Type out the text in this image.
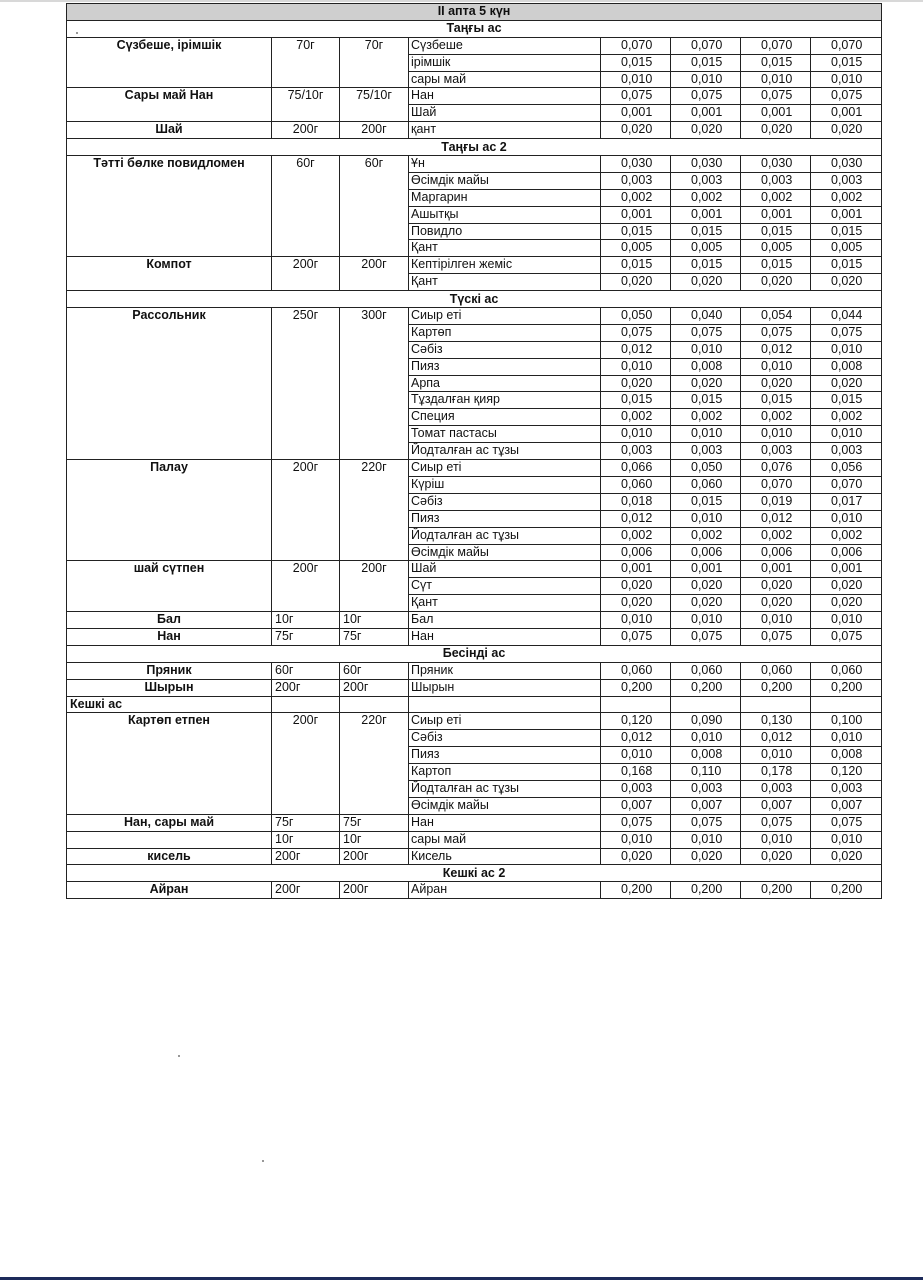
II апта 5 күн							
Таңғы ас							
Сүзбеше, ірімшік	70г	70г	Сүзбеше	0,070	0,070	0,070	0,070
			ірімшік	0,015	0,015	0,015	0,015
			сары май	0,010	0,010	0,010	0,010
Сары май Нан	75/10г	75/10г	Нан	0,075	0,075	0,075	0,075
			Шай	0,001	0,001	0,001	0,001
Шай	200г	200г	қант	0,020	0,020	0,020	0,020
Таңғы ас 2							
Тәтті бөлке повидломен	60г	60г	Ұн	0,030	0,030	0,030	0,030
			Өсімдік майы	0,003	0,003	0,003	0,003
			Маргарин	0,002	0,002	0,002	0,002
			Ашытқы	0,001	0,001	0,001	0,001
			Повидло	0,015	0,015	0,015	0,015
			Қант	0,005	0,005	0,005	0,005
Компот	200г	200г	Кептірілген жеміс	0,015	0,015	0,015	0,015
			Қант	0,020	0,020	0,020	0,020
Түскі ас							
Рассольник	250г	300г	Сиыр еті	0,050	0,040	0,054	0,044
			Картөп	0,075	0,075	0,075	0,075
			Сәбіз	0,012	0,010	0,012	0,010
			Пияз	0,010	0,008	0,010	0,008
			Арпа	0,020	0,020	0,020	0,020
			Тұздалған қияр	0,015	0,015	0,015	0,015
			Специя	0,002	0,002	0,002	0,002
			Томат пастасы	0,010	0,010	0,010	0,010
			Йодталған ас тұзы	0,003	0,003	0,003	0,003
Палау	200г	220г	Сиыр еті	0,066	0,050	0,076	0,056
			Күріш	0,060	0,060	0,070	0,070
			Сәбіз	0,018	0,015	0,019	0,017
			Пияз	0,012	0,010	0,012	0,010
			Йодталған ас тұзы	0,002	0,002	0,002	0,002
			Өсімдік майы	0,006	0,006	0,006	0,006
шай сүтпен	200г	200г	Шай	0,001	0,001	0,001	0,001
			Сүт	0,020	0,020	0,020	0,020
			Қант	0,020	0,020	0,020	0,020
Бал	10г	10г	Бал	0,010	0,010	0,010	0,010
Нан	75г	75г	Нан	0,075	0,075	0,075	0,075
Бесінді ас							
Пряник	60г	60г	Пряник	0,060	0,060	0,060	0,060
Шырын	200г	200г	Шырын	0,200	0,200	0,200	0,200
Кешкі ас							
Картөп етпен	200г	220г	Сиыр еті	0,120	0,090	0,130	0,100
			Сәбіз	0,012	0,010	0,012	0,010
			Пияз	0,010	0,008	0,010	0,008
			Картоп	0,168	0,110	0,178	0,120
			Йодталған ас тұзы	0,003	0,003	0,003	0,003
			Өсімдік майы	0,007	0,007	0,007	0,007
Нан, сары май	75г	75г	Нан	0,075	0,075	0,075	0,075
	10г	10г	сары май	0,010	0,010	0,010	0,010
кисель	200г	200г	Кисель	0,020	0,020	0,020	0,020
Кешкі ас 2							
Айран	200г	200г	Айран	0,200	0,200	0,200	0,200
